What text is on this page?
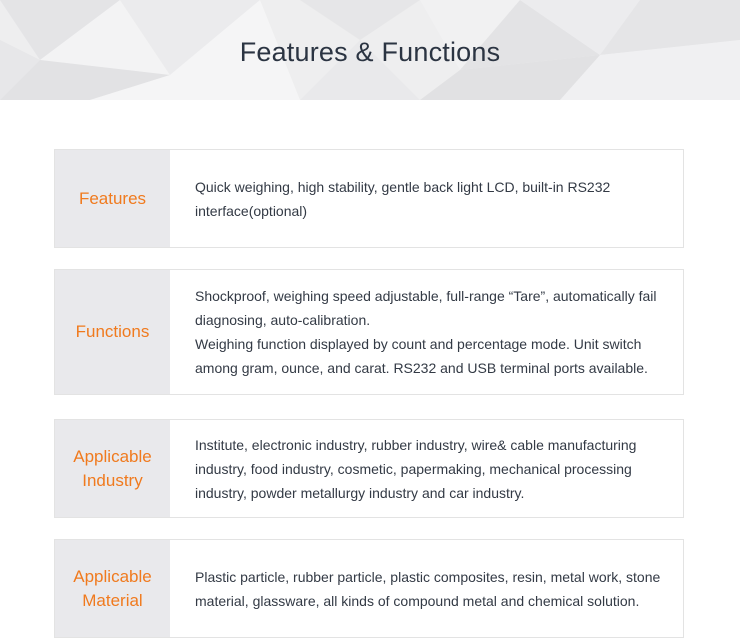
Features & Functions
Features
Quick weighing, high stability, gentle back light LCD, built-in RS232
interface(optional)
Functions
Shockproof, weighing speed adjustable, full-range “Tare”, automatically fail
diagnosing, auto-calibration.
Weighing function displayed by count and percentage mode. Unit switch
among gram, ounce, and carat. RS232 and USB terminal ports available.
Applicable
Industry
Institute, electronic industry, rubber industry, wire& cable manufacturing
industry, food industry, cosmetic, papermaking, mechanical processing
industry, powder metallurgy industry and car industry.
Applicable
Material
Plastic particle, rubber particle, plastic composites, resin, metal work, stone
material, glassware, all kinds of compound metal and chemical solution.
